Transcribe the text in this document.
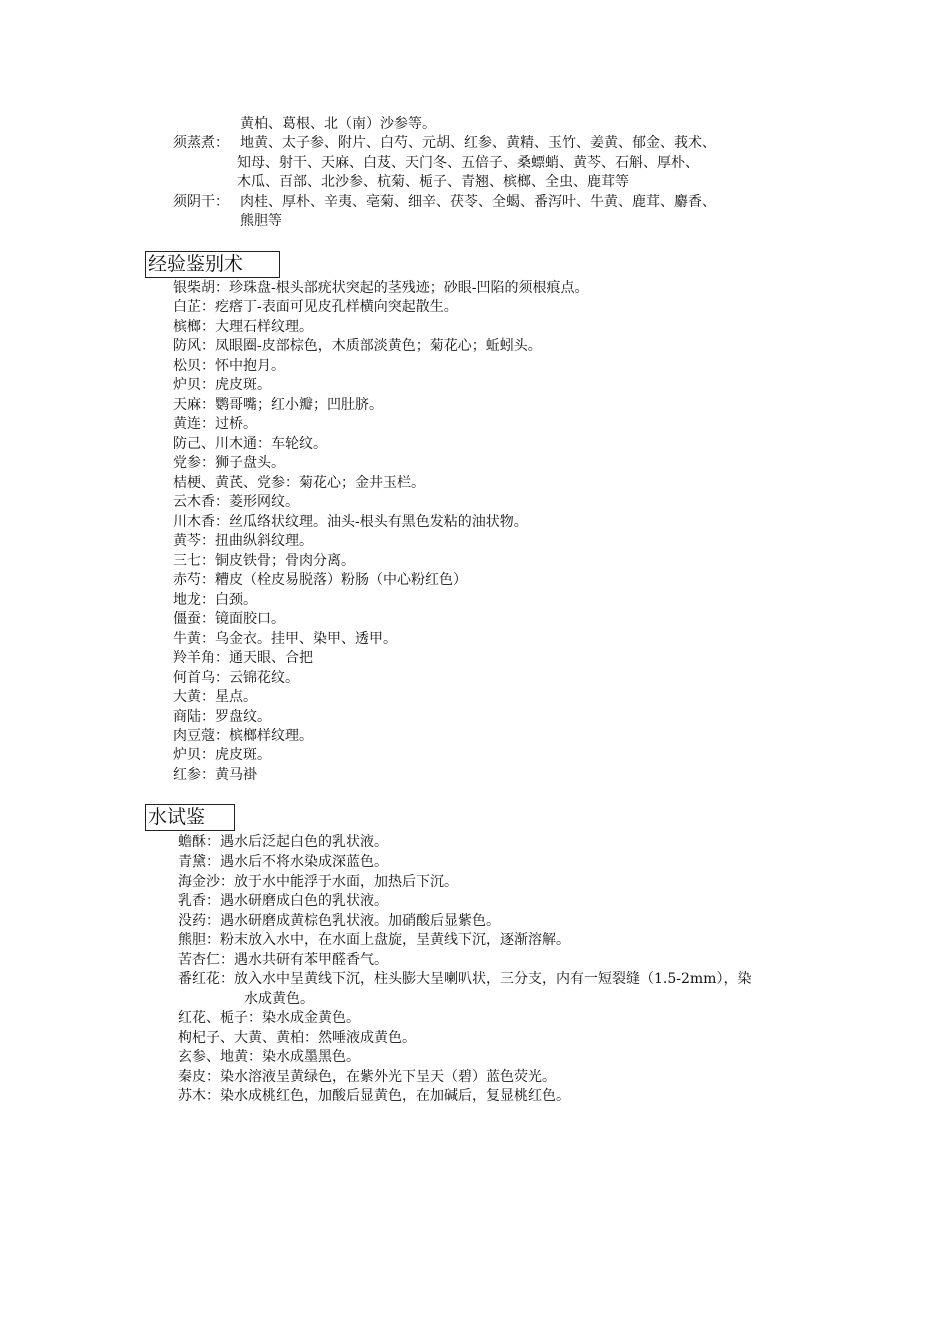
黄柏、葛根、北（南）沙参等。
须蒸煮： 地黄、太子参、附片、白芍、元胡、红参、黄精、玉竹、姜黄、郁金、莪术、
知母、射干、天麻、白芨、天门冬、五倍子、桑螵蛸、黄芩、石斛、厚朴、
木瓜、百部、北沙参、杭菊、栀子、青翘、槟榔、全虫、鹿茸等
须阴干： 肉桂、厚朴、辛夷、亳菊、细辛、茯苓、全蝎、番泻叶、牛黄、鹿茸、麝香、
熊胆等
经验鉴别术
银柴胡：珍珠盘-根头部疣状突起的茎残迹；砂眼-凹陷的须根痕点。
白芷：疙瘩丁-表面可见皮孔样横向突起散生。
槟榔：大理石样纹理。
防风：凤眼圈-皮部棕色，木质部淡黄色；菊花心；蚯蚓头。
松贝：怀中抱月。
炉贝：虎皮斑。
天麻：鹦哥嘴；红小瓣；凹肚脐。
黄连：过桥。
防己、川木通：车轮纹。
党参：狮子盘头。
桔梗、黄芪、党参：菊花心；金井玉栏。
云木香：菱形网纹。
川木香：丝瓜络状纹理。油头-根头有黑色发粘的油状物。
黄芩：扭曲纵斜纹理。
三七：铜皮铁骨；骨肉分离。
赤芍：糟皮（栓皮易脱落）粉肠（中心粉红色）
地龙：白颈。
僵蚕：镜面胶口。
牛黄：乌金衣。挂甲、染甲、透甲。
羚羊角：通天眼、合把
何首乌：云锦花纹。
大黄：星点。
商陆：罗盘纹。
肉豆蔻：槟榔样纹理。
炉贝：虎皮斑。
红参：黄马褂
水试鉴
蟾酥：遇水后泛起白色的乳状液。
青黛：遇水后不将水染成深蓝色。
海金沙：放于水中能浮于水面，加热后下沉。
乳香：遇水研磨成白色的乳状液。
没药：遇水研磨成黄棕色乳状液。加硝酸后显紫色。
熊胆：粉末放入水中，在水面上盘旋，呈黄线下沉，逐渐溶解。
苦杏仁：遇水共研有苯甲醛香气。
番红花：放入水中呈黄线下沉，柱头膨大呈喇叭状，三分支，内有一短裂缝（1.5-2mm），染
水成黄色。
红花、栀子：染水成金黄色。
枸杞子、大黄、黄柏：然唾液成黄色。
玄参、地黄：染水成墨黑色。
秦皮：染水溶液呈黄绿色，在紫外光下呈天（碧）蓝色荧光。
苏木：染水成桃红色，加酸后显黄色，在加碱后，复显桃红色。
